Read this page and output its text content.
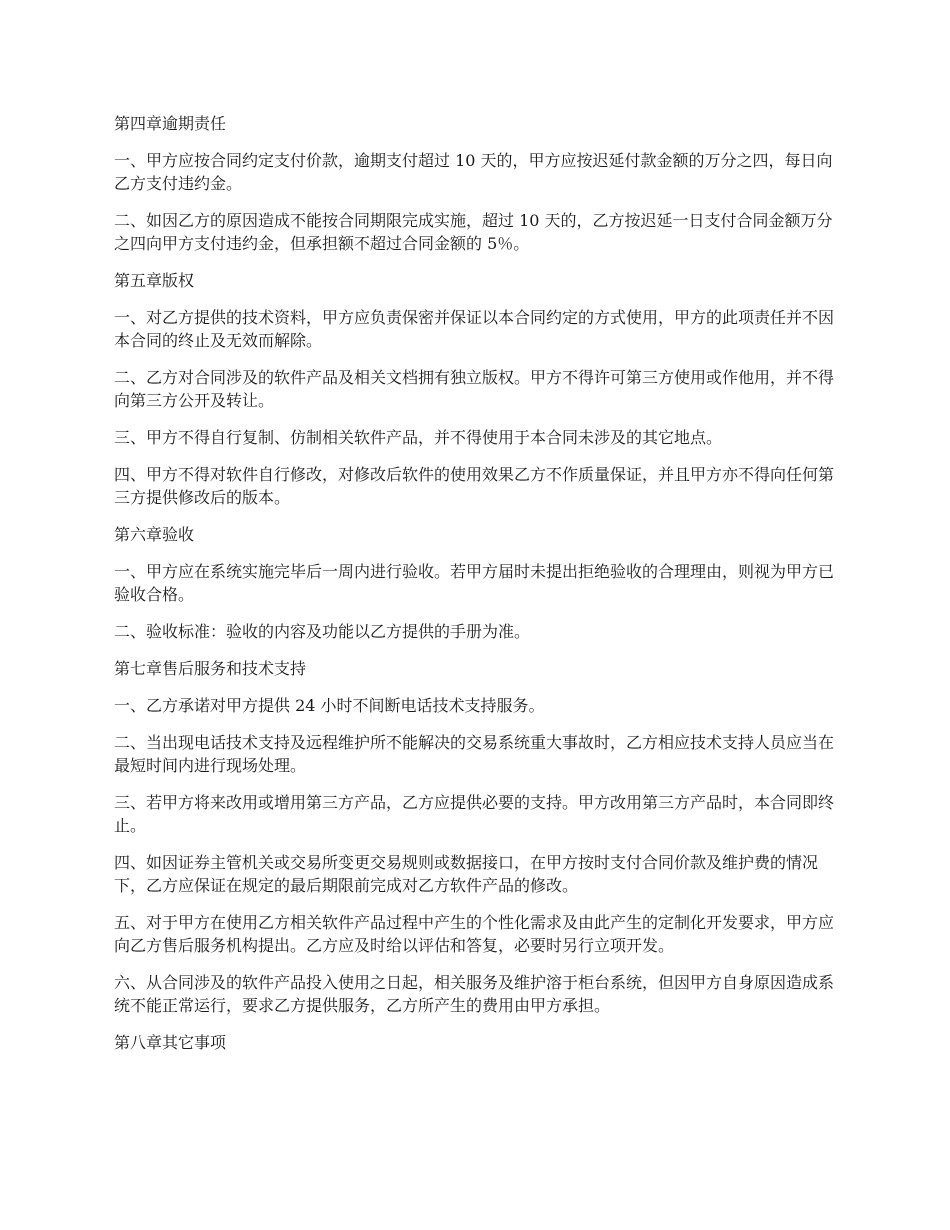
第四章逾期责任

一、甲方应按合同约定支付价款，逾期支付超过 10 天的，甲方应按迟延付款金额的万分之四，每日向乙方支付违约金。

二、如因乙方的原因造成不能按合同期限完成实施，超过 10 天的，乙方按迟延一日支付合同金额万分之四向甲方支付违约金，但承担额不超过合同金额的 5％。

第五章版权

一、对乙方提供的技术资料，甲方应负责保密并保证以本合同约定的方式使用，甲方的此项责任并不因本合同的终止及无效而解除。

二、乙方对合同涉及的软件产品及相关文档拥有独立版权。甲方不得许可第三方使用或作他用，并不得向第三方公开及转让。

三、甲方不得自行复制、仿制相关软件产品，并不得使用于本合同未涉及的其它地点。

四、甲方不得对软件自行修改，对修改后软件的使用效果乙方不作质量保证，并且甲方亦不得向任何第三方提供修改后的版本。

第六章验收

一、甲方应在系统实施完毕后一周内进行验收。若甲方届时未提出拒绝验收的合理理由，则视为甲方已验收合格。

二、验收标准：验收的内容及功能以乙方提供的手册为准。

第七章售后服务和技术支持

一、乙方承诺对甲方提供 24 小时不间断电话技术支持服务。

二、当出现电话技术支持及远程维护所不能解决的交易系统重大事故时，乙方相应技术支持人员应当在最短时间内进行现场处理。

三、若甲方将来改用或增用第三方产品，乙方应提供必要的支持。甲方改用第三方产品时，本合同即终止。

四、如因证券主管机关或交易所变更交易规则或数据接口，在甲方按时支付合同价款及维护费的情况下，乙方应保证在规定的最后期限前完成对乙方软件产品的修改。

五、对于甲方在使用乙方相关软件产品过程中产生的个性化需求及由此产生的定制化开发要求，甲方应向乙方售后服务机构提出。乙方应及时给以评估和答复，必要时另行立项开发。

六、从合同涉及的软件产品投入使用之日起，相关服务及维护溶于柜台系统，但因甲方自身原因造成系统不能正常运行，要求乙方提供服务，乙方所产生的费用由甲方承担。

第八章其它事项
